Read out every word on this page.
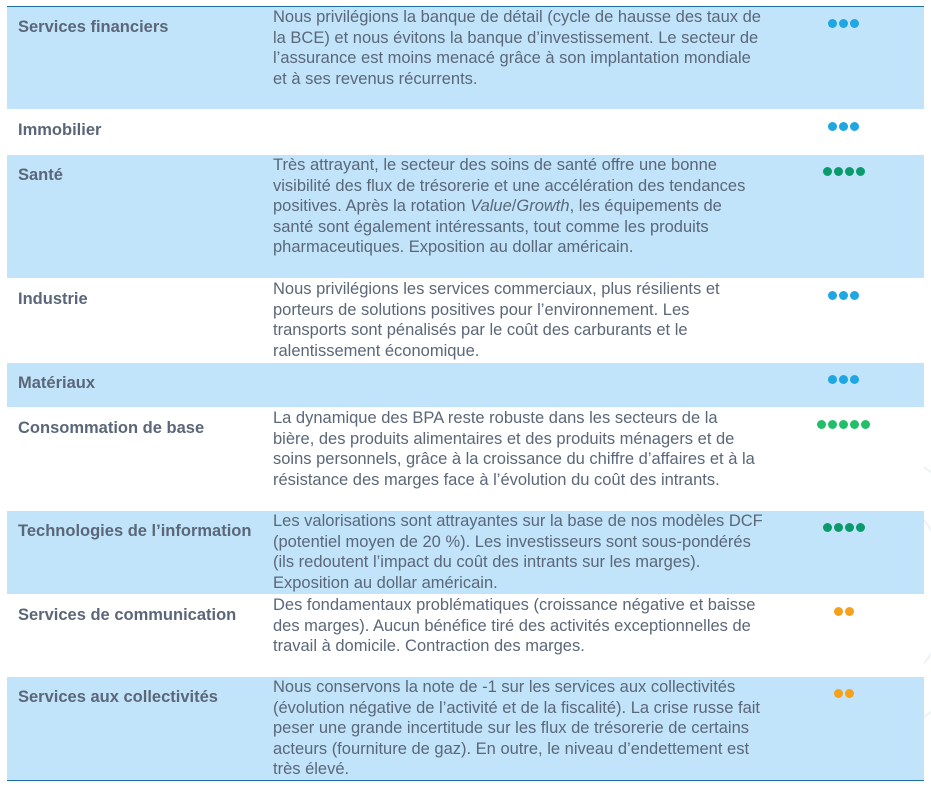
Services financiers	Nous privilégions la banque de détail (cycle de hausse des taux de la BCE) et nous évitons la banque d’investissement. Le secteur de l’assurance est moins menacé grâce à son implantation mondiale et à ses revenus récurrents.	
Immobilier		
Santé	Très attrayant, le secteur des soins de santé offre une bonne visibilité des flux de trésorerie et une accélération des tendances positives. Après la rotation Value/Growth, les équipements de santé sont également intéressants, tout comme les produits pharmaceutiques. Exposition au dollar américain.	
Industrie	Nous privilégions les services commerciaux, plus résilients et porteurs de solutions positives pour l’environnement. Les transports sont pénalisés par le coût des carburants et le ralentissement économique.	
Matériaux		
Consommation de base	La dynamique des BPA reste robuste dans les secteurs de la bière, des produits alimentaires et des produits ménagers et de soins personnels, grâce à la croissance du chiffre d’affaires et à la résistance des marges face à l’évolution du coût des intrants.	
Technologies de l’information	Les valorisations sont attrayantes sur la base de nos modèles DCF (potentiel moyen de 20 %). Les investisseurs sont sous-pondérés (ils redoutent l’impact du coût des intrants sur les marges). Exposition au dollar américain.	
Services de communication	Des fondamentaux problématiques (croissance négative et baisse des marges). Aucun bénéfice tiré des activités exceptionnelles de travail à domicile. Contraction des marges.	
Services aux collectivités	Nous conservons la note de -1 sur les services aux collectivités (évolution négative de l’activité et de la fiscalité). La crise russe fait peser une grande incertitude sur les flux de trésorerie de certains acteurs (fourniture de gaz). En outre, le niveau d’endettement est très élevé.	
